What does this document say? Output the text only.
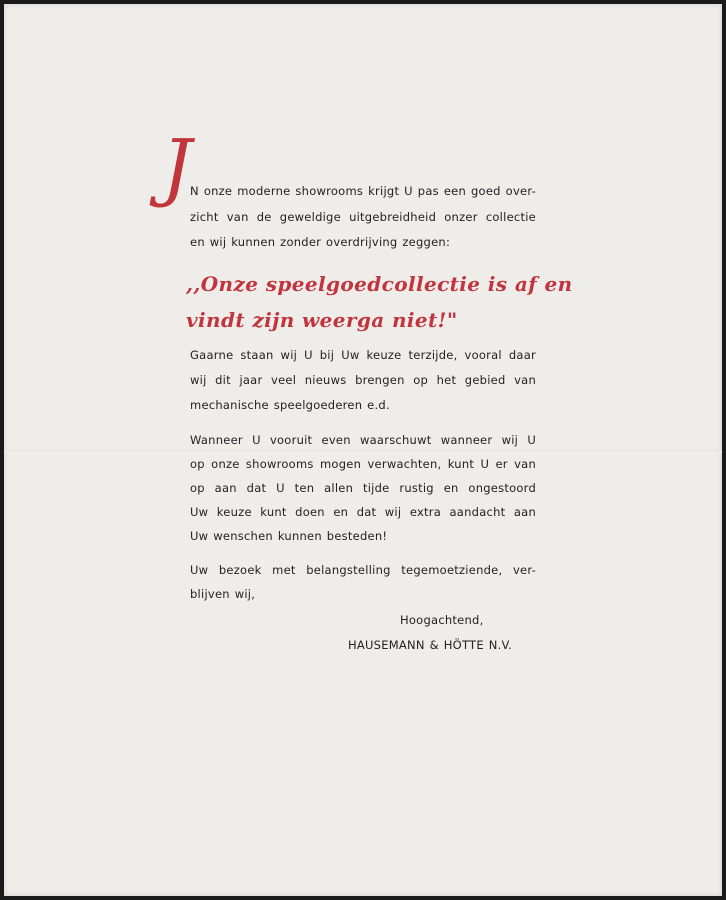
J
N onze moderne showrooms krijgt U pas een goed over-
zicht van de geweldige uitgebreidheid onzer collectie
en wij kunnen zonder overdrijving zeggen:
,,Onze speelgoedcollectie is af en
vindt zijn weerga niet!"
Gaarne staan wij U bij Uw keuze terzijde, vooral daar
wij dit jaar veel nieuws brengen op het gebied van
mechanische speelgoederen e.d.
Wanneer U vooruit even waarschuwt wanneer wij U
op onze showrooms mogen verwachten, kunt U er van
op aan dat U ten allen tijde rustig en ongestoord
Uw keuze kunt doen en dat wij extra aandacht aan
Uw wenschen kunnen besteden!
Uw bezoek met belangstelling tegemoetziende, ver-
blijven wij,
Hoogachtend,
HAUSEMANN & HÖTTE N.V.
